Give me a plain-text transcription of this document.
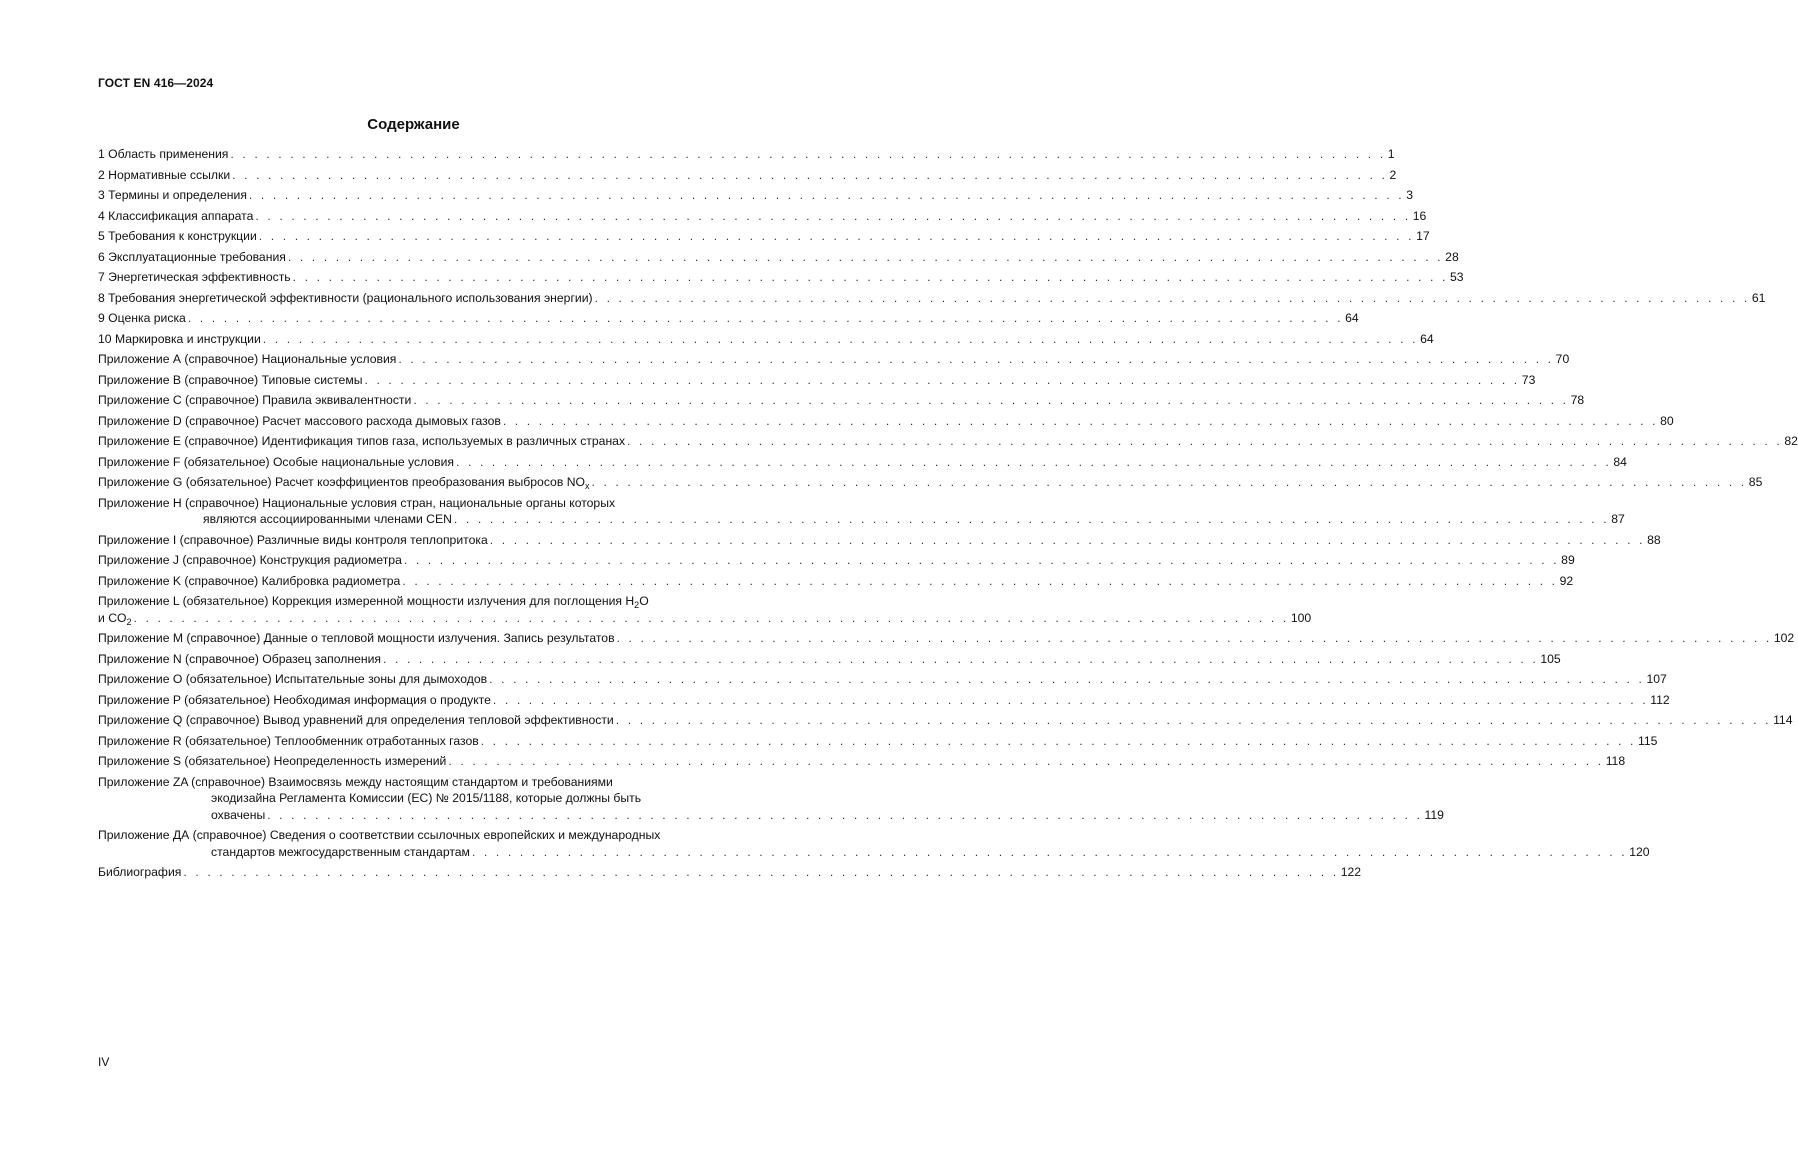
ГОСТ EN 416—2024
Содержание
1 Область применения . . . . . . . . . . . . . . . . . . . . . . . . . . . . . . . . . . . . . . . . . . . . . . . . . . . . . . . . . . . . . . . . . . . . . . . . . . . . . . . . . . . . . . . . . . . . . . . . . 1
2 Нормативные ссылки . . . . . . . . . . . . . . . . . . . . . . . . . . . . . . . . . . . . . . . . . . . . . . . . . . . . . . . . . . . . . . . . . . . . . . . . . . . . . . . . . . . . . . . . . . . . . . . . . 2
3 Термины и определения . . . . . . . . . . . . . . . . . . . . . . . . . . . . . . . . . . . . . . . . . . . . . . . . . . . . . . . . . . . . . . . . . . . . . . . . . . . . . . . . . . . . . . . . . . . . . . . . . 3
4 Классификация аппарата . . . . . . . . . . . . . . . . . . . . . . . . . . . . . . . . . . . . . . . . . . . . . . . . . . . . . . . . . . . . . . . . . . . . . . . . . . . . . . . . . . . . . . . . . . . . . . . . . 16
5 Требования к конструкции . . . . . . . . . . . . . . . . . . . . . . . . . . . . . . . . . . . . . . . . . . . . . . . . . . . . . . . . . . . . . . . . . . . . . . . . . . . . . . . . . . . . . . . . . . . . . . . . . 17
6 Эксплуатационные требования . . . . . . . . . . . . . . . . . . . . . . . . . . . . . . . . . . . . . . . . . . . . . . . . . . . . . . . . . . . . . . . . . . . . . . . . . . . . . . . . . . . . . . . . . . . . . . . . . 28
7 Энергетическая эффективность . . . . . . . . . . . . . . . . . . . . . . . . . . . . . . . . . . . . . . . . . . . . . . . . . . . . . . . . . . . . . . . . . . . . . . . . . . . . . . . . . . . . . . . . . . . . . . . . . 53
8 Требования энергетической эффективности (рационального использования энергии) . . . . . . . . . . . . . . . . . . . . . . . . . . . . . . . . . . . . . . . . . . . . . . . . . . . . . . . . . . . . . . . . . . . . . . . . . . . . . . . . . . . . . . . . . . . . . . . . . 61
9 Оценка риска . . . . . . . . . . . . . . . . . . . . . . . . . . . . . . . . . . . . . . . . . . . . . . . . . . . . . . . . . . . . . . . . . . . . . . . . . . . . . . . . . . . . . . . . . . . . . . . . . 64
10 Маркировка и инструкции . . . . . . . . . . . . . . . . . . . . . . . . . . . . . . . . . . . . . . . . . . . . . . . . . . . . . . . . . . . . . . . . . . . . . . . . . . . . . . . . . . . . . . . . . . . . . . . . . 64
Приложение А (справочное) Национальные условия . . . . . . . . . . . . . . . . . . . . . . . . . . . . . . . . . . . . . . . . . . . . . . . . . . . . . . . . . . . . . . . . . . . . . . . . . . . . . . . . . . . . . . . . . . . . . . . . . 70
Приложение В (справочное) Типовые системы . . . . . . . . . . . . . . . . . . . . . . . . . . . . . . . . . . . . . . . . . . . . . . . . . . . . . . . . . . . . . . . . . . . . . . . . . . . . . . . . . . . . . . . . . . . . . . . . . 73
Приложение С (справочное) Правила эквивалентности . . . . . . . . . . . . . . . . . . . . . . . . . . . . . . . . . . . . . . . . . . . . . . . . . . . . . . . . . . . . . . . . . . . . . . . . . . . . . . . . . . . . . . . . . . . . . . . . . 78
Приложение D (справочное) Расчет массового расхода дымовых газов . . . . . . . . . . . . . . . . . . . . . . . . . . . . . . . . . . . . . . . . . . . . . . . . . . . . . . . . . . . . . . . . . . . . . . . . . . . . . . . . . . . . . . . . . . . . . . . . . 80
Приложение Е (справочное) Идентификация типов газа, используемых в различных странах . . . . . . . . . . . . . . . . . . . . . . . . . . . . . . . . . . . . . . . . . . . . . . . . . . . . . . . . . . . . . . . . . . . . . . . . . . . . . . . . . . . . . . . . . . . . . . . . . 82
Приложение F (обязательное) Особые национальные условия . . . . . . . . . . . . . . . . . . . . . . . . . . . . . . . . . . . . . . . . . . . . . . . . . . . . . . . . . . . . . . . . . . . . . . . . . . . . . . . . . . . . . . . . . . . . . . . . . 84
Приложение G (обязательное) Расчет коэффициентов преобразования выбросов $NO_x$ . . . . . . . . . . . . . . . . . . . . . . . . . . . . . . . . . . . . . . . . . . . . . . . . . . . . . . . . . . . . . . . . . . . . . . . . . . . . . . . . . . . . . . . . . . . . . . . . . 85
Приложение H (справочное) Национальные условия стран, национальные органы которых
являются ассоциированными членами CEN . . . . . . . . . . . . . . . . . . . . . . . . . . . . . . . . . . . . . . . . . . . . . . . . . . . . . . . . . . . . . . . . . . . . . . . . . . . . . . . . . . . . . . . . . . . . . . . . . 87
Приложение I (справочное) Различные виды контроля теплопритока . . . . . . . . . . . . . . . . . . . . . . . . . . . . . . . . . . . . . . . . . . . . . . . . . . . . . . . . . . . . . . . . . . . . . . . . . . . . . . . . . . . . . . . . . . . . . . . . . 88
Приложение J (справочное) Конструкция радиометра . . . . . . . . . . . . . . . . . . . . . . . . . . . . . . . . . . . . . . . . . . . . . . . . . . . . . . . . . . . . . . . . . . . . . . . . . . . . . . . . . . . . . . . . . . . . . . . . . 89
Приложение K (справочное) Калибровка радиометра . . . . . . . . . . . . . . . . . . . . . . . . . . . . . . . . . . . . . . . . . . . . . . . . . . . . . . . . . . . . . . . . . . . . . . . . . . . . . . . . . . . . . . . . . . . . . . . . . 92
Приложение L (обязательное) Коррекция измеренной мощности излучения для поглощения $H_2O$
и $CO_2$ . . . . . . . . . . . . . . . . . . . . . . . . . . . . . . . . . . . . . . . . . . . . . . . . . . . . . . . . . . . . . . . . . . . . . . . . . . . . . . . . . . . . . . . . . . . . . . . . . 100
Приложение M (справочное) Данные о тепловой мощности излучения. Запись результатов . . . . . . . . . . . . . . . . . . . . . . . . . . . . . . . . . . . . . . . . . . . . . . . . . . . . . . . . . . . . . . . . . . . . . . . . . . . . . . . . . . . . . . . . . . . . . . . . . 102
Приложение N (справочное) Образец заполнения . . . . . . . . . . . . . . . . . . . . . . . . . . . . . . . . . . . . . . . . . . . . . . . . . . . . . . . . . . . . . . . . . . . . . . . . . . . . . . . . . . . . . . . . . . . . . . . . . 105
Приложение O (обязательное) Испытательные зоны для дымоходов . . . . . . . . . . . . . . . . . . . . . . . . . . . . . . . . . . . . . . . . . . . . . . . . . . . . . . . . . . . . . . . . . . . . . . . . . . . . . . . . . . . . . . . . . . . . . . . . . 107
Приложение P (обязательное) Необходимая информация о продукте . . . . . . . . . . . . . . . . . . . . . . . . . . . . . . . . . . . . . . . . . . . . . . . . . . . . . . . . . . . . . . . . . . . . . . . . . . . . . . . . . . . . . . . . . . . . . . . . . 112
Приложение Q (справочное) Вывод уравнений для определения тепловой эффективности . . . . . . . . . . . . . . . . . . . . . . . . . . . . . . . . . . . . . . . . . . . . . . . . . . . . . . . . . . . . . . . . . . . . . . . . . . . . . . . . . . . . . . . . . . . . . . . . . 114
Приложение R (обязательное) Теплообменник отработанных газов . . . . . . . . . . . . . . . . . . . . . . . . . . . . . . . . . . . . . . . . . . . . . . . . . . . . . . . . . . . . . . . . . . . . . . . . . . . . . . . . . . . . . . . . . . . . . . . . . 115
Приложение S (обязательное) Неопределенность измерений . . . . . . . . . . . . . . . . . . . . . . . . . . . . . . . . . . . . . . . . . . . . . . . . . . . . . . . . . . . . . . . . . . . . . . . . . . . . . . . . . . . . . . . . . . . . . . . . . 118
Приложение ZA (справочное) Взаимосвязь между настоящим стандартом и требованиями
экодизайна Регламента Комиссии (ЕС) № 2015/1188, которые должны быть
охвачены . . . . . . . . . . . . . . . . . . . . . . . . . . . . . . . . . . . . . . . . . . . . . . . . . . . . . . . . . . . . . . . . . . . . . . . . . . . . . . . . . . . . . . . . . . . . . . . . . 119
Приложение ДА (справочное) Сведения о соответствии ссылочных европейских и международных
стандартов межгосударственным стандартам . . . . . . . . . . . . . . . . . . . . . . . . . . . . . . . . . . . . . . . . . . . . . . . . . . . . . . . . . . . . . . . . . . . . . . . . . . . . . . . . . . . . . . . . . . . . . . . . . 120
Библиография . . . . . . . . . . . . . . . . . . . . . . . . . . . . . . . . . . . . . . . . . . . . . . . . . . . . . . . . . . . . . . . . . . . . . . . . . . . . . . . . . . . . . . . . . . . . . . . . . 122
IV
